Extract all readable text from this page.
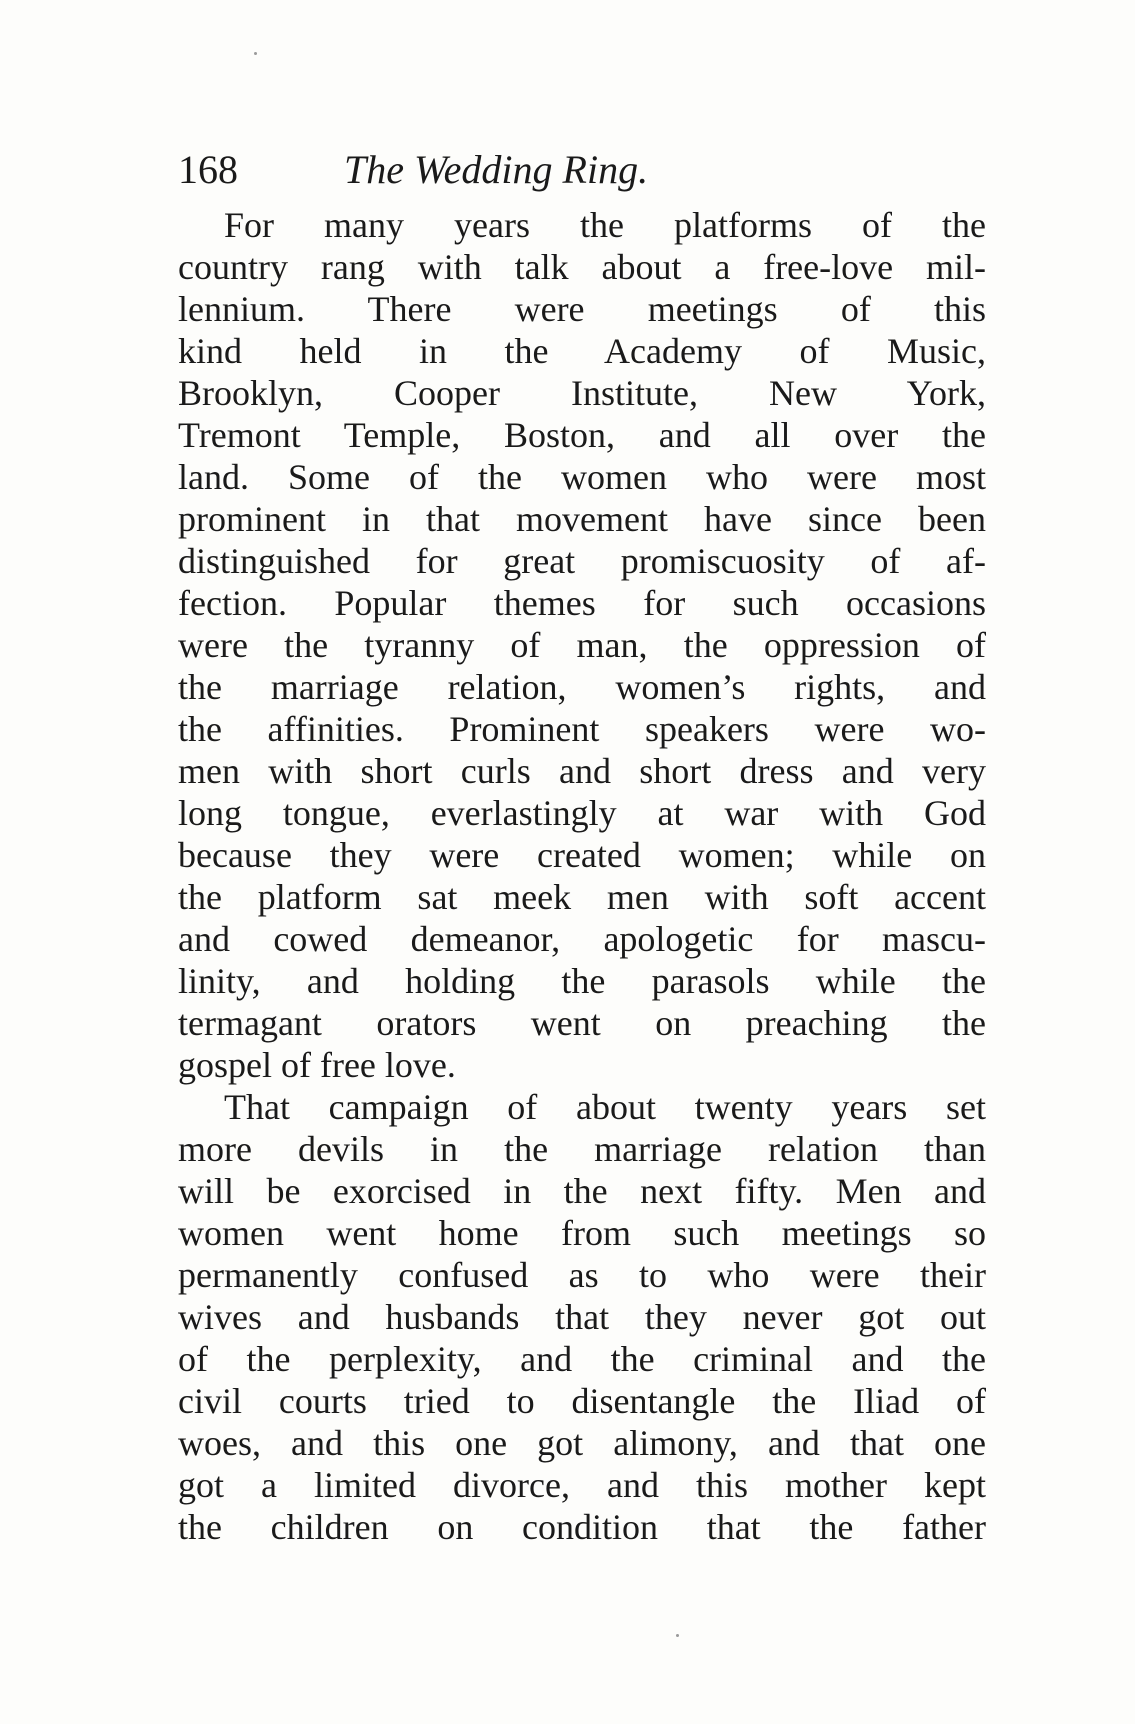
168	The Wedding Ring.
For many years the platforms of the
country rang with talk about a free-love mil-
lennium. There were meetings of this
kind held in the Academy of Music,
Brooklyn, Cooper Institute, New York,
Tremont Temple, Boston, and all over the
land. Some of the women who were most
prominent in that movement have since been
distinguished for great promiscuosity of af-
fection. Popular themes for such occasions
were the tyranny of man, the oppression of
the marriage relation, women’s rights, and
the affinities. Prominent speakers were wo-
men with short curls and short dress and very
long tongue, everlastingly at war with God
because they were created women; while on
the platform sat meek men with soft accent
and cowed demeanor, apologetic for mascu-
linity, and holding the parasols while the
termagant orators went on preaching the
gospel of free love.
That campaign of about twenty years set
more devils in the marriage relation than
will be exorcised in the next fifty. Men and
women went home from such meetings so
permanently confused as to who were their
wives and husbands that they never got out
of the perplexity, and the criminal and the
civil courts tried to disentangle the Iliad of
woes, and this one got alimony, and that one
got a limited divorce, and this mother kept
the children on condition that the father
